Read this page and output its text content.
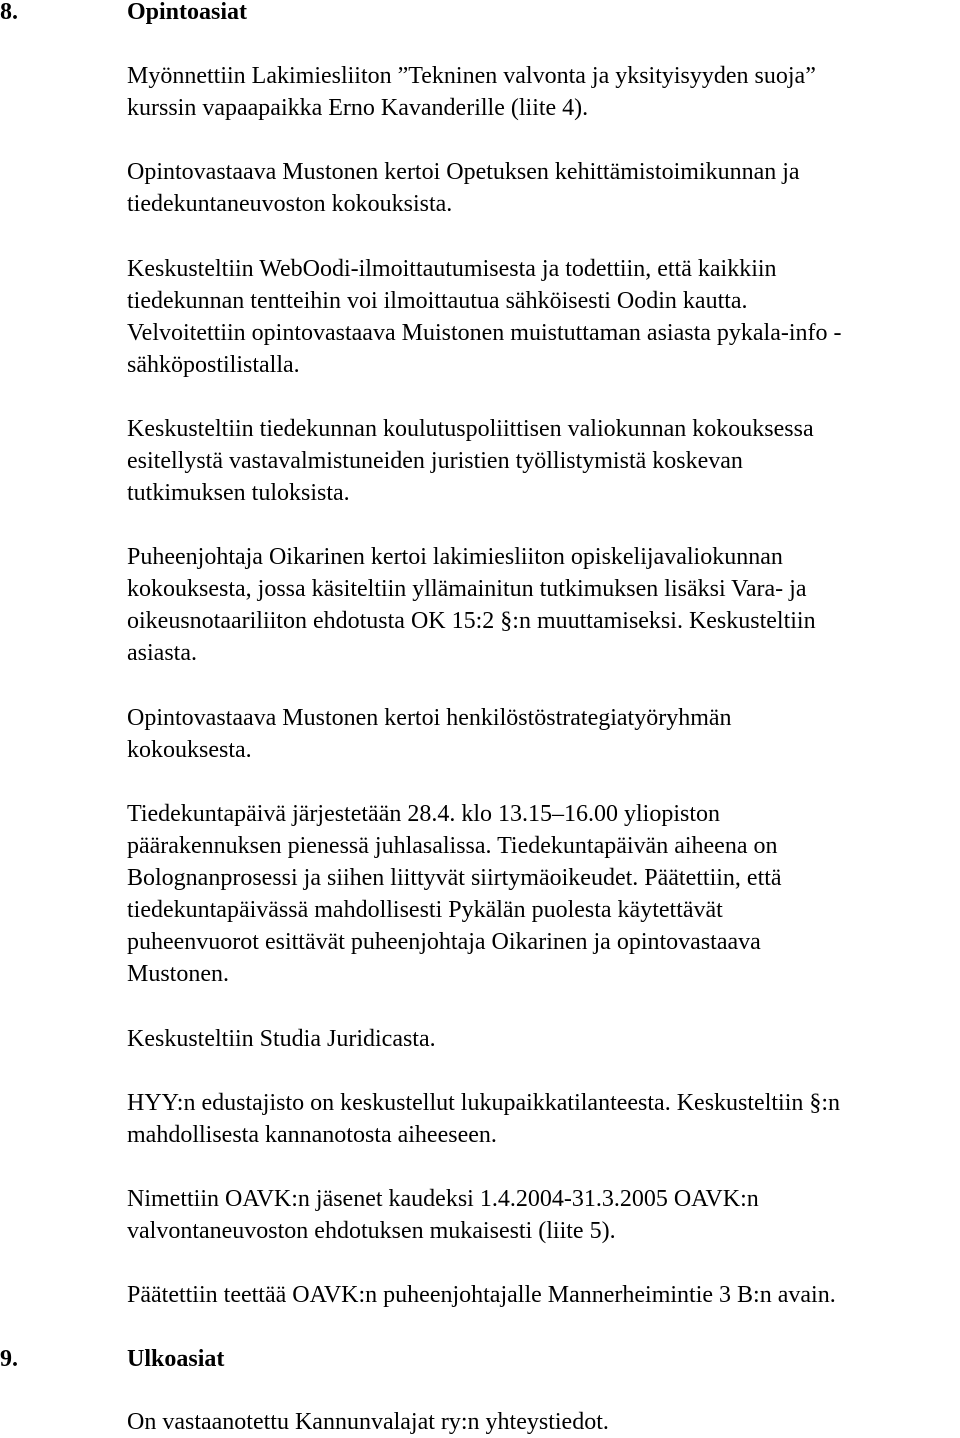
8.	Opintoasiat
Myönnettiin Lakimiesliiton ”Tekninen valvonta ja yksityisyyden suoja”
kurssin vapaapaikka Erno Kavanderille (liite 4).
Opintovastaava Mustonen kertoi Opetuksen kehittämistoimikunnan ja
tiedekuntaneuvoston kokouksista.
Keskusteltiin WebOodi-ilmoittautumisesta ja todettiin, että kaikkiin
tiedekunnan tentteihin voi ilmoittautua sähköisesti Oodin kautta.
Velvoitettiin opintovastaava Muistonen muistuttaman asiasta pykala-info -
sähköpostilistalla.
Keskusteltiin tiedekunnan koulutuspoliittisen valiokunnan kokouksessa
esitellystä vastavalmistuneiden juristien työllistymistä koskevan
tutkimuksen tuloksista.
Puheenjohtaja Oikarinen kertoi lakimiesliiton opiskelijavaliokunnan
kokouksesta, jossa käsiteltiin yllämainitun tutkimuksen lisäksi Vara- ja
oikeusnotaariliiton ehdotusta OK 15:2 §:n muuttamiseksi. Keskusteltiin
asiasta.
Opintovastaava Mustonen kertoi henkilöstöstrategiatyöryhmän
kokouksesta.
Tiedekuntapäivä järjestetään 28.4. klo 13.15–16.00 yliopiston
päärakennuksen pienessä juhlasalissa. Tiedekuntapäivän aiheena on
Bolognanprosessi ja siihen liittyvät siirtymäoikeudet. Päätettiin, että
tiedekuntapäivässä mahdollisesti Pykälän puolesta käytettävät
puheenvuorot esittävät puheenjohtaja Oikarinen ja opintovastaava
Mustonen.
Keskusteltiin Studia Juridicasta.
HYY:n edustajisto on keskustellut lukupaikkatilanteesta. Keskusteltiin §:n
mahdollisesta kannanotosta aiheeseen.
Nimettiin OAVK:n jäsenet kaudeksi 1.4.2004-31.3.2005 OAVK:n
valvontaneuvoston ehdotuksen mukaisesti (liite 5).
Päätettiin teettää OAVK:n puheenjohtajalle Mannerheimintie 3 B:n avain.
9.	Ulkoasiat
On vastaanotettu Kannunvalajat ry:n yhteystiedot.
